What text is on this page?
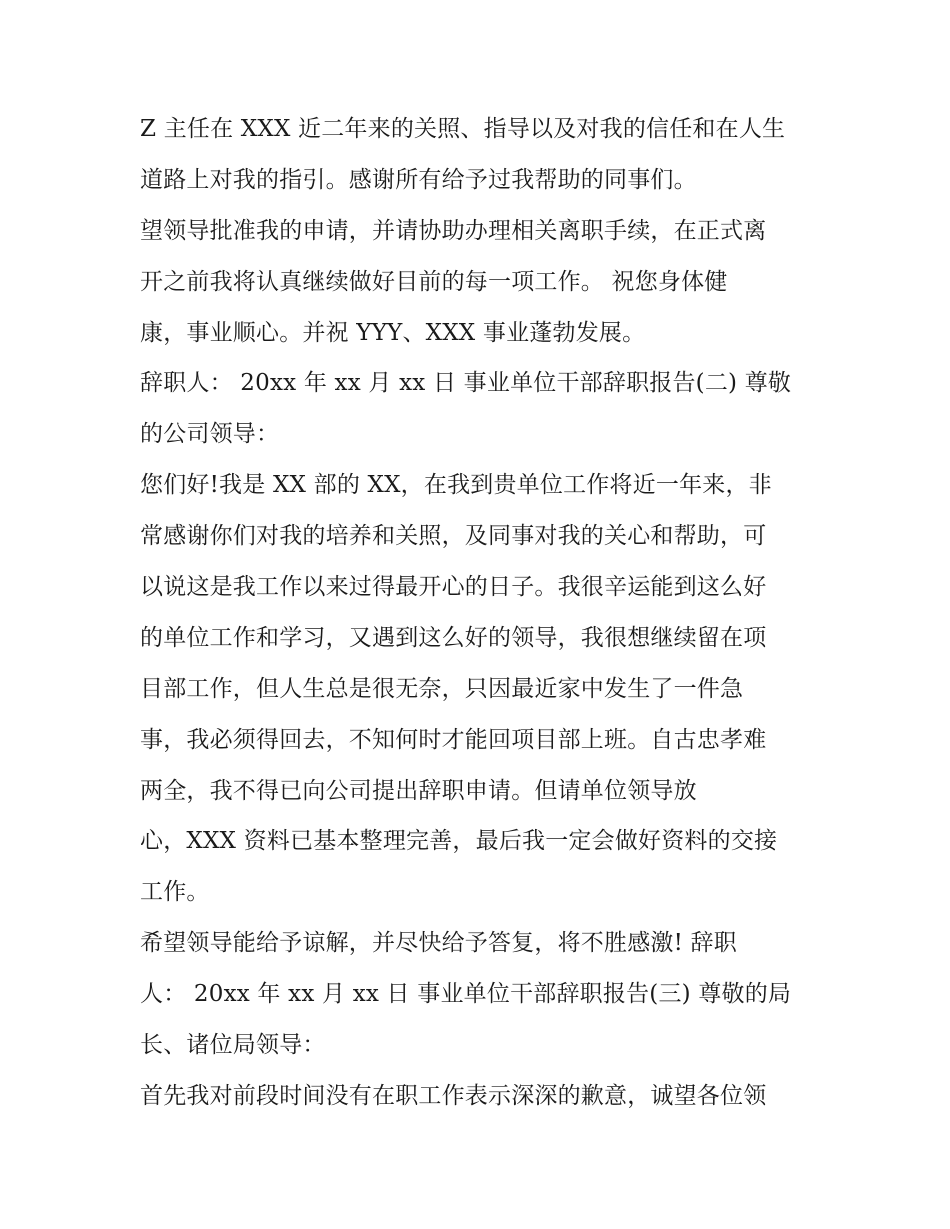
Z 主任在 XXX 近二年来的关照、指导以及对我的信任和在人生
道路上对我的指引。感谢所有给予过我帮助的同事们。
望领导批准我的申请，并请协助办理相关离职手续，在正式离
开之前我将认真继续做好目前的每一项工作。 祝您身体健
康，事业顺心。并祝 YYY、XXX 事业蓬勃发展。
辞职人： 20xx 年 xx 月 xx 日 事业单位干部辞职报告(二) 尊敬
的公司领导：
您们好!我是 XX 部的 XX，在我到贵单位工作将近一年来，非
常感谢你们对我的培养和关照，及同事对我的关心和帮助，可
以说这是我工作以来过得最开心的日子。我很辛运能到这么好
的单位工作和学习，又遇到这么好的领导，我很想继续留在项
目部工作，但人生总是很无奈，只因最近家中发生了一件急
事，我必须得回去，不知何时才能回项目部上班。自古忠孝难
两全，我不得已向公司提出辞职申请。但请单位领导放
心，XXX 资料已基本整理完善，最后我一定会做好资料的交接
工作。
希望领导能给予谅解，并尽快给予答复，将不胜感激! 辞职
人： 20xx 年 xx 月 xx 日 事业单位干部辞职报告(三) 尊敬的局
长、诸位局领导：
首先我对前段时间没有在职工作表示深深的歉意，诚望各位领
